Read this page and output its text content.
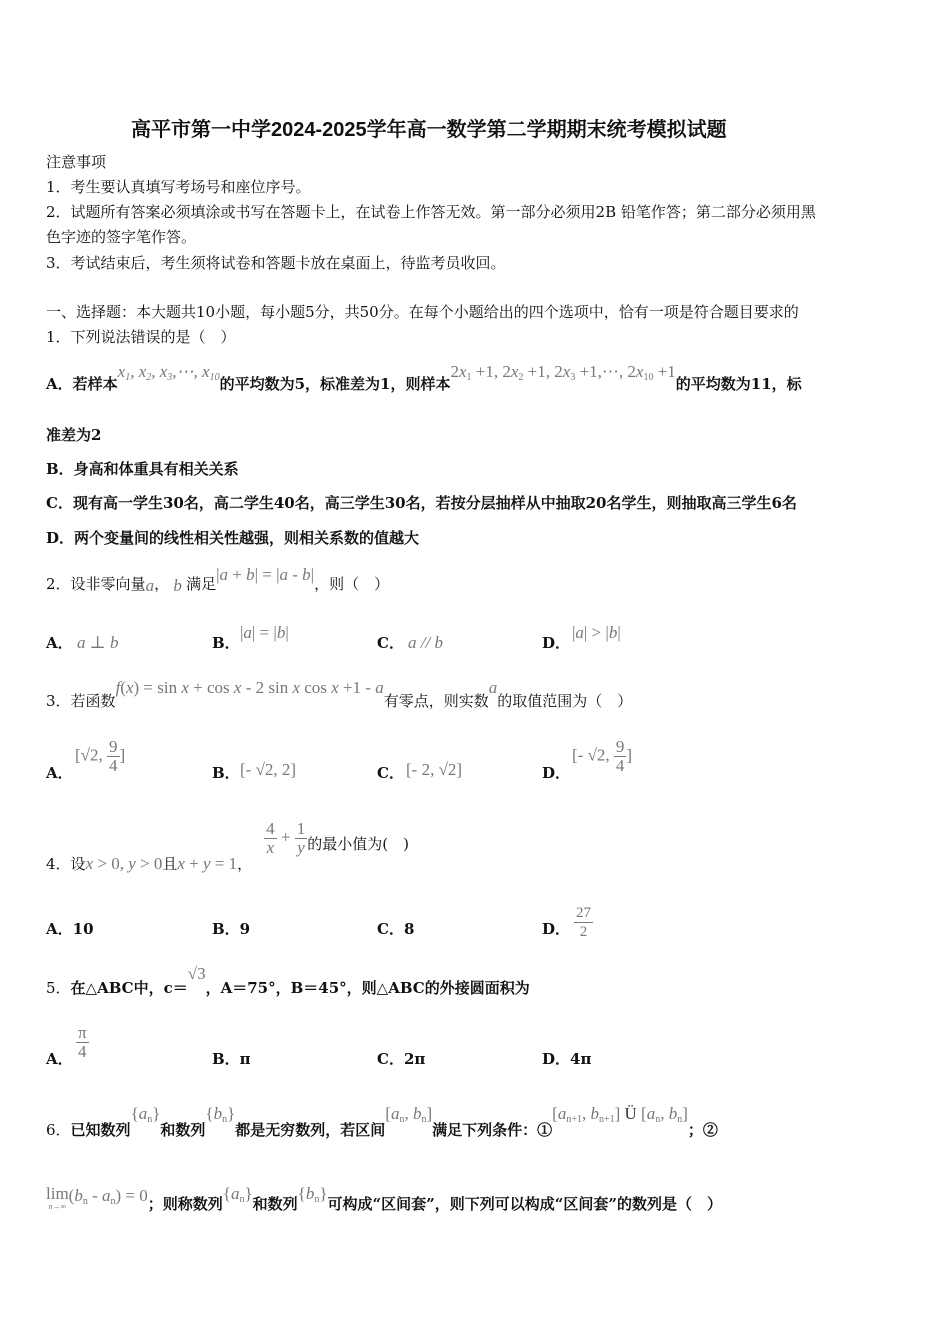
高平市第一中学2024-2025学年高一数学第二学期期末统考模拟试题
注意事项
1．考生要认真填写考场号和座位序号。
2．试题所有答案必须填涂或书写在答题卡上，在试卷上作答无效。第一部分必须用2B 铅笔作答；第二部分必须用黑
色字迹的签字笔作答。
3．考试结束后，考生须将试卷和答题卡放在桌面上，待监考员收回。
一、选择题：本大题共10小题，每小题5分，共50分。在每个小题给出的四个选项中，恰有一项是符合题目要求的
1．下列说法错误的是（　）
A．若样本$x_1$, $x_2$, $x_3,\cdots$, $x_{10}$的平均数为5，标准差为1，则样本$2x_1 +1$, $2x_2 +1$, $2x_3$ +1,⋯, $2x_{10} +1$的平均数为11，标
准差为2
B．身高和体重具有相关关系
C．现有高一学生30名，高二学生40名，高三学生30名，若按分层抽样从中抽取20名学生，则抽取高三学生6名
D．两个变量间的线性相关性越强，则相关系数的值越大
2．设非零向量a， b 满足|a + b| = |a - b|，则（　）
A． a ⊥ b	B．
|a| = |b|
C． a // b	D．
|a| > |b|
3．若函数f(x) = sin x + cos x - 2 sin x cos x +1 - a有零点，则实数a的取值范围为（　）
A．
[√2, $\frac{9}{4}$ ]
B． [- √2, 2]	C． [- 2, √2]	D．
[- √2, $\frac{9}{4}$ ]
4．设x > 0, y > 0且x + y = 1，
$\frac{4}{x} + \frac{1}{y}$ 的最小值为(　)
A．10	B．9	C．8	D． $\frac{27}{2}$
5．在△ABC中，c＝√3，A＝75°，B＝45°，则△ABC的外接圆面积为
A． $\frac{\pi}{4}$	B．π	C．2π	D．4π
6．已知数列$\{a_n\}$和数列$\{b_n\}$都是无穷数列，若区间[$a_n$, $b_n$]满足下列条件：$①[a_{n+1}$, $b_{n+1}$] Ü [$a_n$, $b_n$]；②
lim
n→∞
$(b_n - a_n) = 0$；则称数列$\{a_n\}$和数列$\{b_n\}$可构成“区间套”，则下列可以构成“区间套”的数列是（　）
